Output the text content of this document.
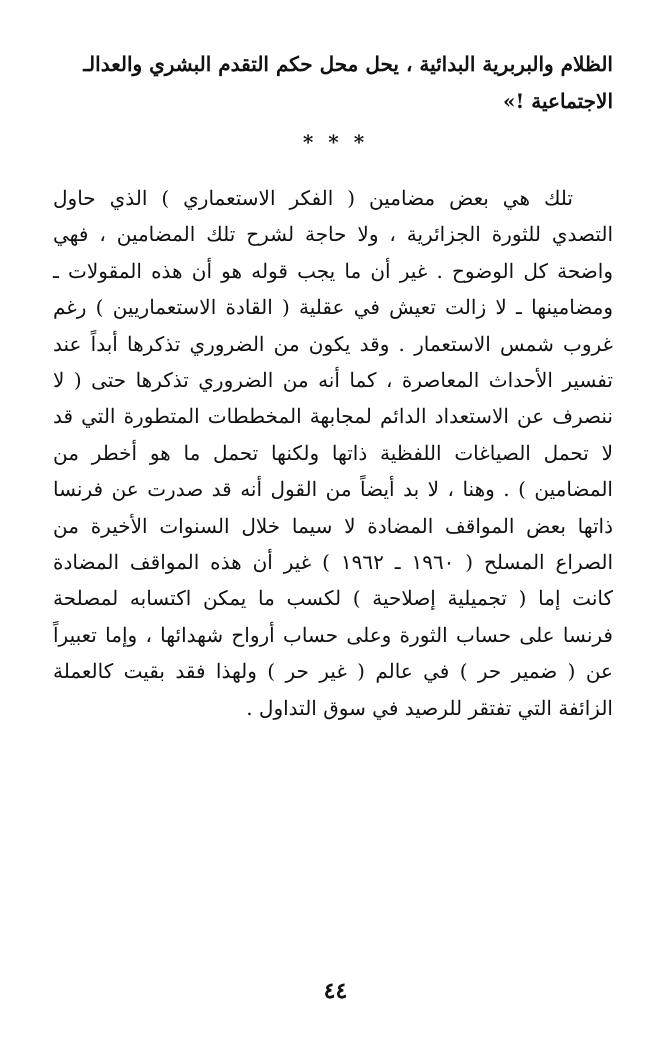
الظلام والبربرية البدائية ، يحل محل حكم التقدم البشري والعدالـ
الاجتماعية !»
* * *
تلك هي بعض مضامين ( الفكر الاستعماري ) الذي حاول
التصدي للثورة الجزائرية ، ولا حاجة لشرح تلك المضامين ، فهي
واضحة كل الوضوح . غير أن ما يجب قوله هو أن هذه المقولات ـ
ومضامينها ـ لا زالت تعيش في عقلية ( القادة الاستعماريين ) رغم
غروب شمس الاستعمار . وقد يكون من الضروري تذكرها أبداً عند
تفسير الأحداث المعاصرة ، كما أنه من الضروري تذكرها حتى ( لا
ننصرف عن الاستعداد الدائم لمجابهة المخططات المتطورة التي قد
لا تحمل الصياغات اللفظية ذاتها ولكنها تحمل ما هو أخطر من
المضامين ) . وهنا ، لا بد أيضاً من القول أنه قد صدرت عن فرنسا
ذاتها بعض المواقف المضادة لا سيما خلال السنوات الأخيرة من
الصراع المسلح ( ١٩٦٠ ـ ١٩٦٢ ) غير أن هذه المواقف المضادة
كانت إما ( تجميلية إصلاحية ) لكسب ما يمكن اكتسابه لمصلحة
فرنسا على حساب الثورة وعلى حساب أرواح شهدائها ، وإما تعبيراً
عن ( ضمير حر ) في عالم ( غير حر ) ولهذا فقد بقيت كالعملة
الزائفة التي تفتقر للرصيد في سوق التداول .
٤٤
